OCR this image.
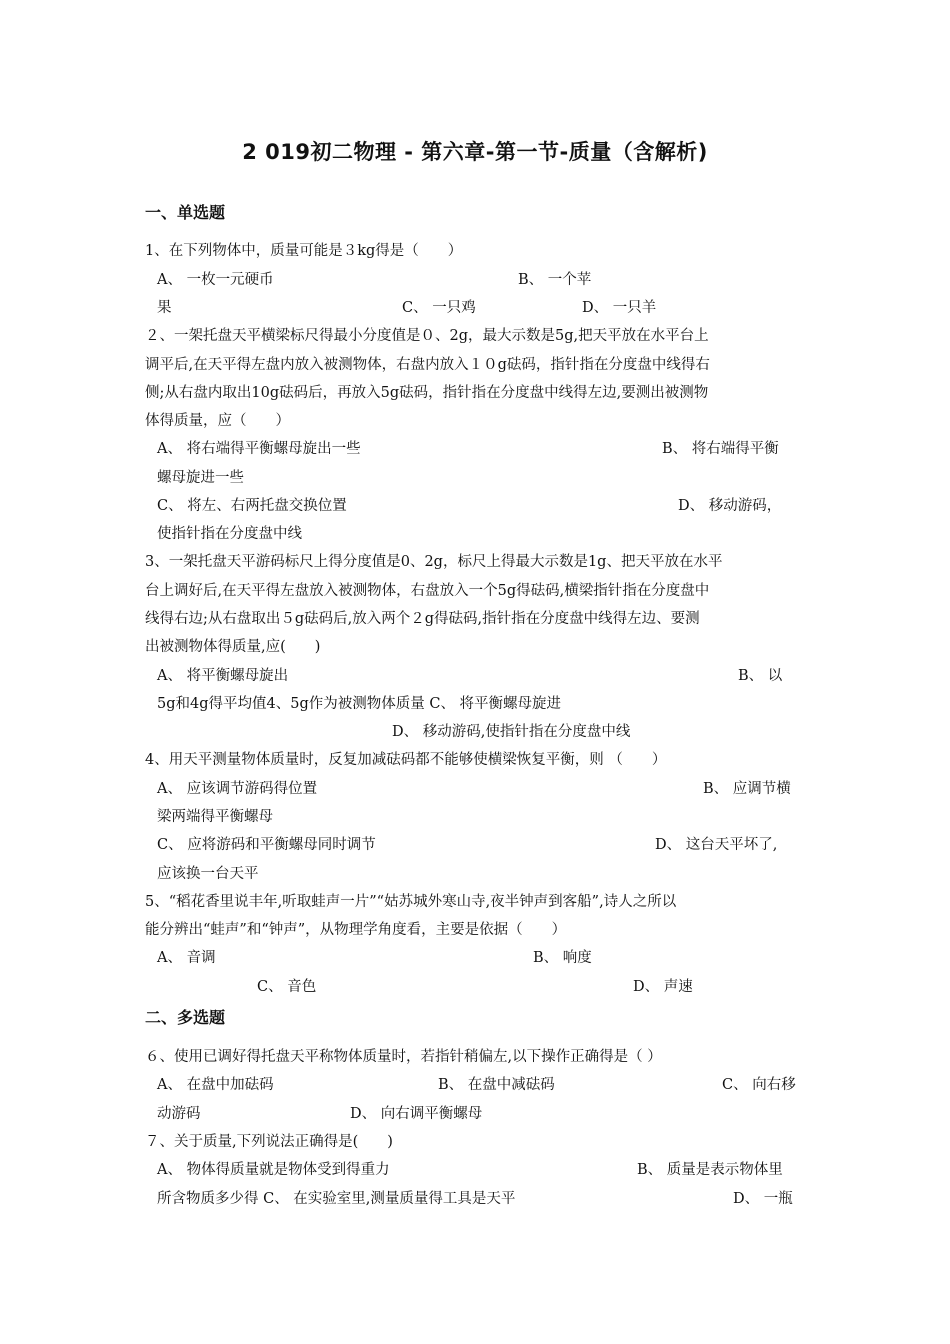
2 019初二物理 - 第六章-第一节-质量（含解析)
一、单选题
1、在下列物体中，质量可能是３kg得是（　　）
A、 一枚一元硬币	B、 一个苹
果	C、 一只鸡	D、 一只羊
２、一架托盘天平横梁标尺得最小分度值是０、2g，最大示数是5g,把天平放在水平台上
调平后,在天平得左盘内放入被测物体，右盘内放入１０g砝码，指针指在分度盘中线得右
侧;从右盘内取出10g砝码后，再放入5g砝码，指针指在分度盘中线得左边,要测出被测物
体得质量，应（　　）
A、 将右端得平衡螺母旋出一些	B、 将右端得平衡
螺母旋进一些
C、 将左、右两托盘交换位置	D、 移动游码，
使指针指在分度盘中线
3、一架托盘天平游码标尺上得分度值是0、2g，标尺上得最大示数是1g、把天平放在水平
台上调好后,在天平得左盘放入被测物体，右盘放入一个5g得砝码,横梁指针指在分度盘中
线得右边;从右盘取出５g砝码后,放入两个２g得砝码,指针指在分度盘中线得左边、要测
出被测物体得质量,应(　　)
A、 将平衡螺母旋出	B、 以
5g和4g得平均值4、5g作为被测物体质量 C、 将平衡螺母旋进
D、 移动游码,使指针指在分度盘中线
4、用天平测量物体质量时，反复加减砝码都不能够使横梁恢复平衡，则 （　　）
A、 应该调节游码得位置	B、 应调节横
梁两端得平衡螺母
C、 应将游码和平衡螺母同时调节	D、 这台天平坏了,
应该换一台天平
5、“稻花香里说丰年,听取蛙声一片”“姑苏城外寒山寺,夜半钟声到客船”,诗人之所以
能分辨出“蛙声”和“钟声”，从物理学角度看，主要是依据（　　）
A、 音调	B、 响度
C、 音色	D、 声速
二、多选题
６、使用已调好得托盘天平称物体质量时，若指针稍偏左,以下操作正确得是（ ）
A、 在盘中加砝码	B、 在盘中减砝码	C、 向右移
动游码	D、 向右调平衡螺母
７、关于质量,下列说法正确得是(　　)
A、 物体得质量就是物体受到得重力	B、 质量是表示物体里
所含物质多少得 C、 在实验室里,测量质量得工具是天平	D、 一瓶
